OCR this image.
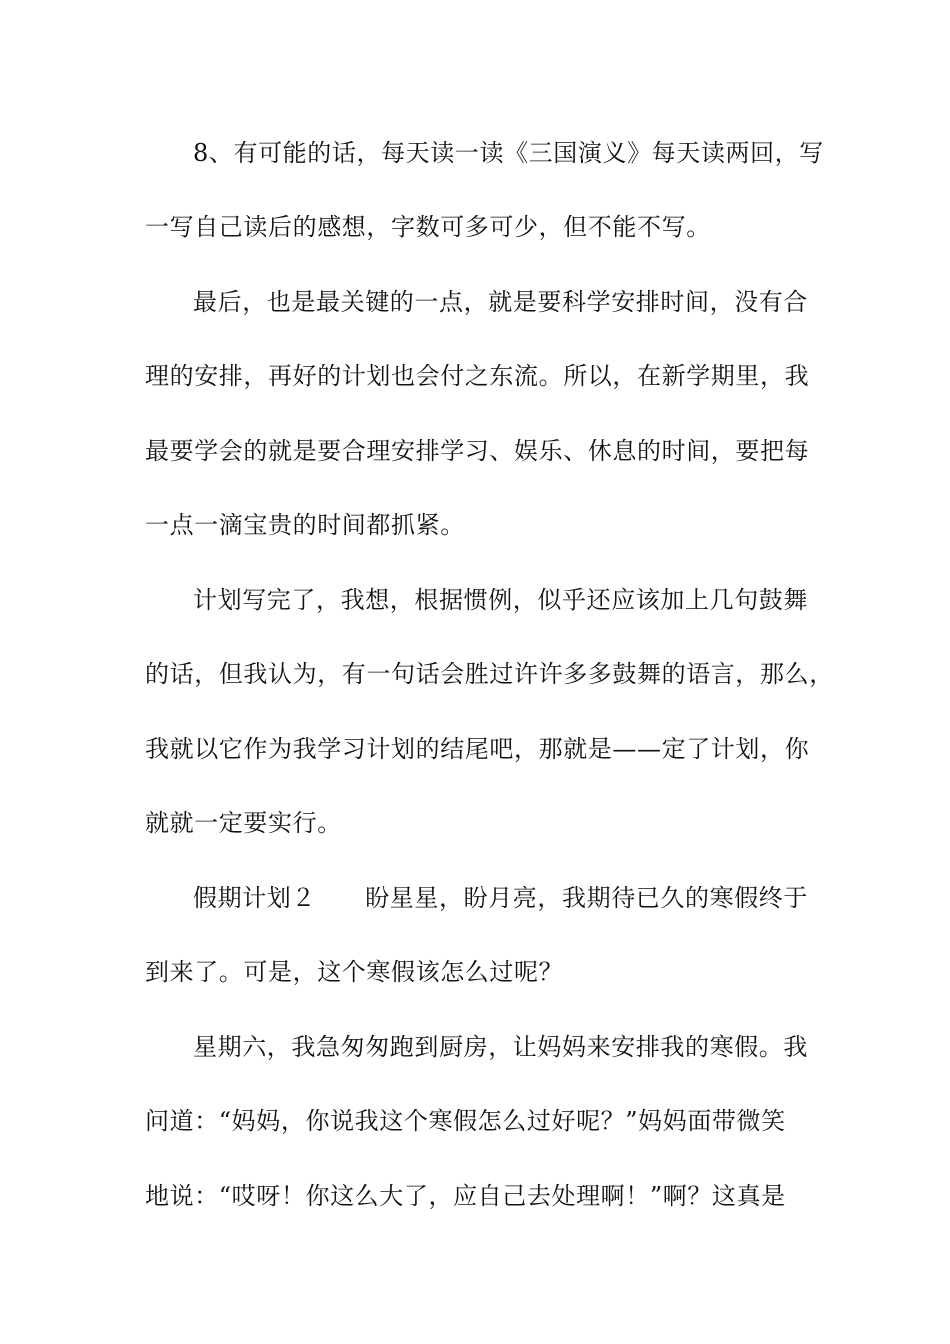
8、有可能的话，每天读一读《三国演义》每天读两回，写
一写自己读后的感想，字数可多可少，但不能不写。
最后，也是最关键的一点，就是要科学安排时间，没有合
理的安排，再好的计划也会付之东流。所以，在新学期里，我
最要学会的就是要合理安排学习、娱乐、休息的时间，要把每
一点一滴宝贵的时间都抓紧。
计划写完了，我想，根据惯例，似乎还应该加上几句鼓舞
的话，但我认为，有一句话会胜过许许多多鼓舞的语言，那么，
我就以它作为我学习计划的结尾吧，那就是——定了计划，你
就就一定要实行。
假期计划２　　盼星星，盼月亮，我期待已久的寒假终于
到来了。可是，这个寒假该怎么过呢？
星期六，我急匆匆跑到厨房，让妈妈来安排我的寒假。我
问道：“妈妈，你说我这个寒假怎么过好呢？”妈妈面带微笑
地说：“哎呀！你这么大了，应自己去处理啊！”啊？这真是
